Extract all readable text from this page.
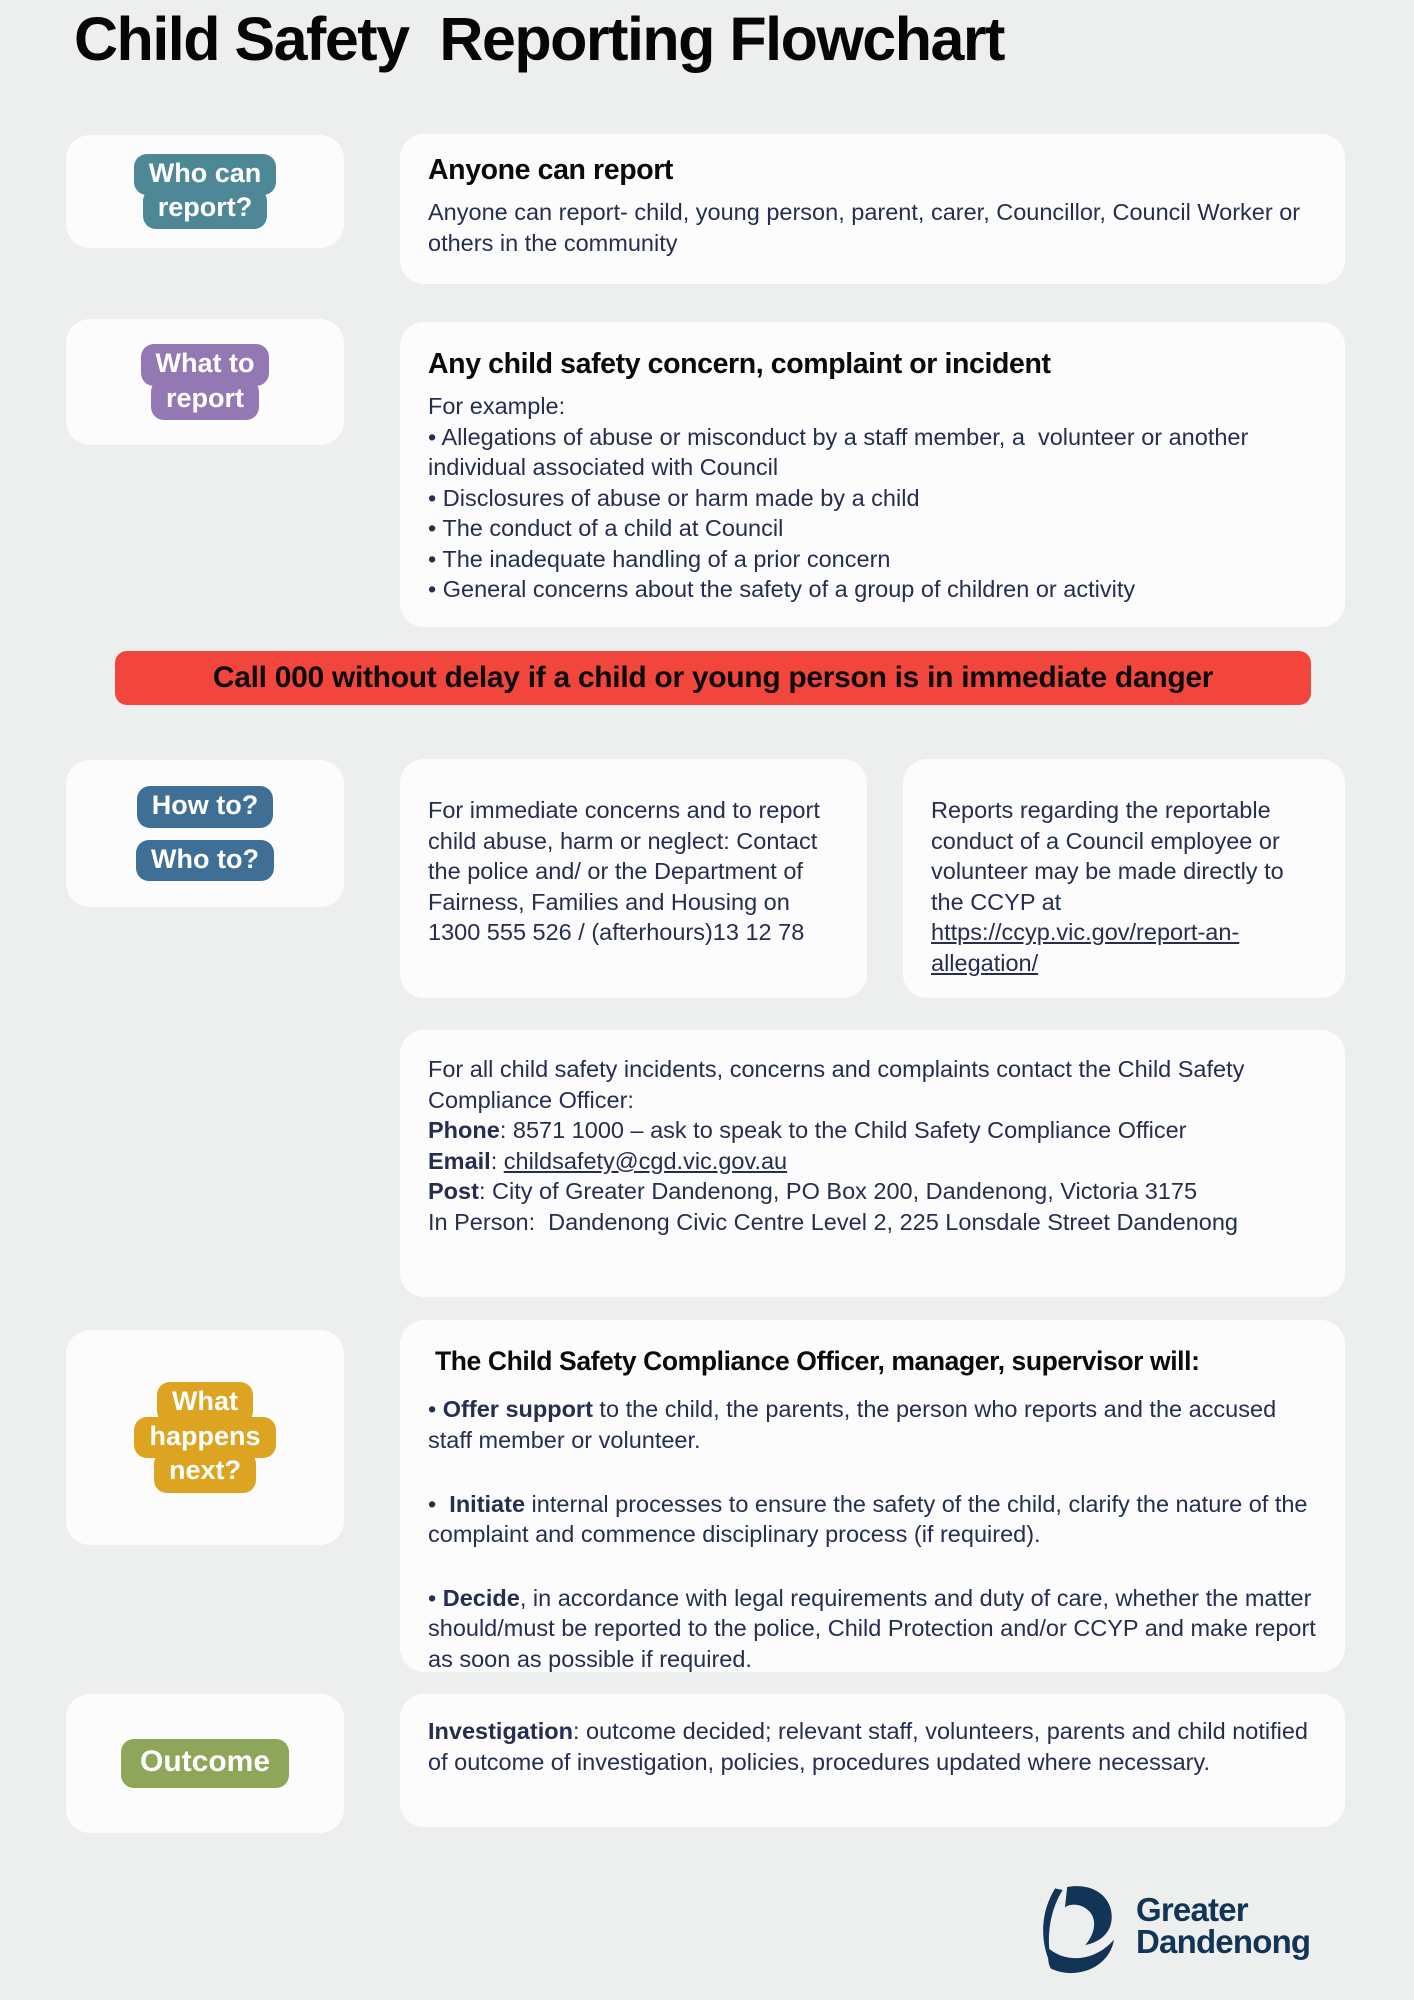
Child Safety  Reporting Flowchart
Who can
report?
Anyone can report

Anyone can report- child, young person, parent, carer, Councillor, Council Worker or others in the community

What to
report
Any child safety concern, complaint or incident

For example:

• Allegations of abuse or misconduct by a staff member, a  volunteer or another individual associated with Council
• Disclosures of abuse or harm made by a child
• The conduct of a child at Council
• The inadequate handling of a prior concern
• General concerns about the safety of a group of children or activity
Call 000 without delay if a child or young person is in immediate danger
How to?
Who to?

For immediate concerns and to report child abuse, harm or neglect: Contact the police and/ or the Department of Fairness, Families and Housing on 1300 555 526 / (afterhours)13 12 78

Reports regarding the reportable conduct of a Council employee or volunteer may be made directly to the CCYP at https://ccyp.vic.gov/report-an-allegation/

For all child safety incidents, concerns and complaints contact the Child Safety Compliance Officer:

Phone: 8571 1000 – ask to speak to the Child Safety Compliance Officer

Email: childsafety@cgd.vic.gov.au

Post: City of Greater Dandenong, PO Box 200, Dandenong, Victoria 3175

In Person:  Dandenong Civic Centre Level 2, 225 Lonsdale Street Dandenong

What
happens
next?
The Child Safety Compliance Officer, manager, supervisor will:

• Offer support to the child, the parents, the person who reports and the accused staff member or volunteer.

•  Initiate internal processes to ensure the safety of the child, clarify the nature of the complaint and commence disciplinary process (if required).

• Decide, in accordance with legal requirements and duty of care, whether the matter should/must be reported to the police, Child Protection and/or CCYP and make report as soon as possible if required.

Outcome

Investigation: outcome decided; relevant staff, volunteers, parents and child notified of outcome of investigation, policies, procedures updated where necessary.

Greater
Dandenong
